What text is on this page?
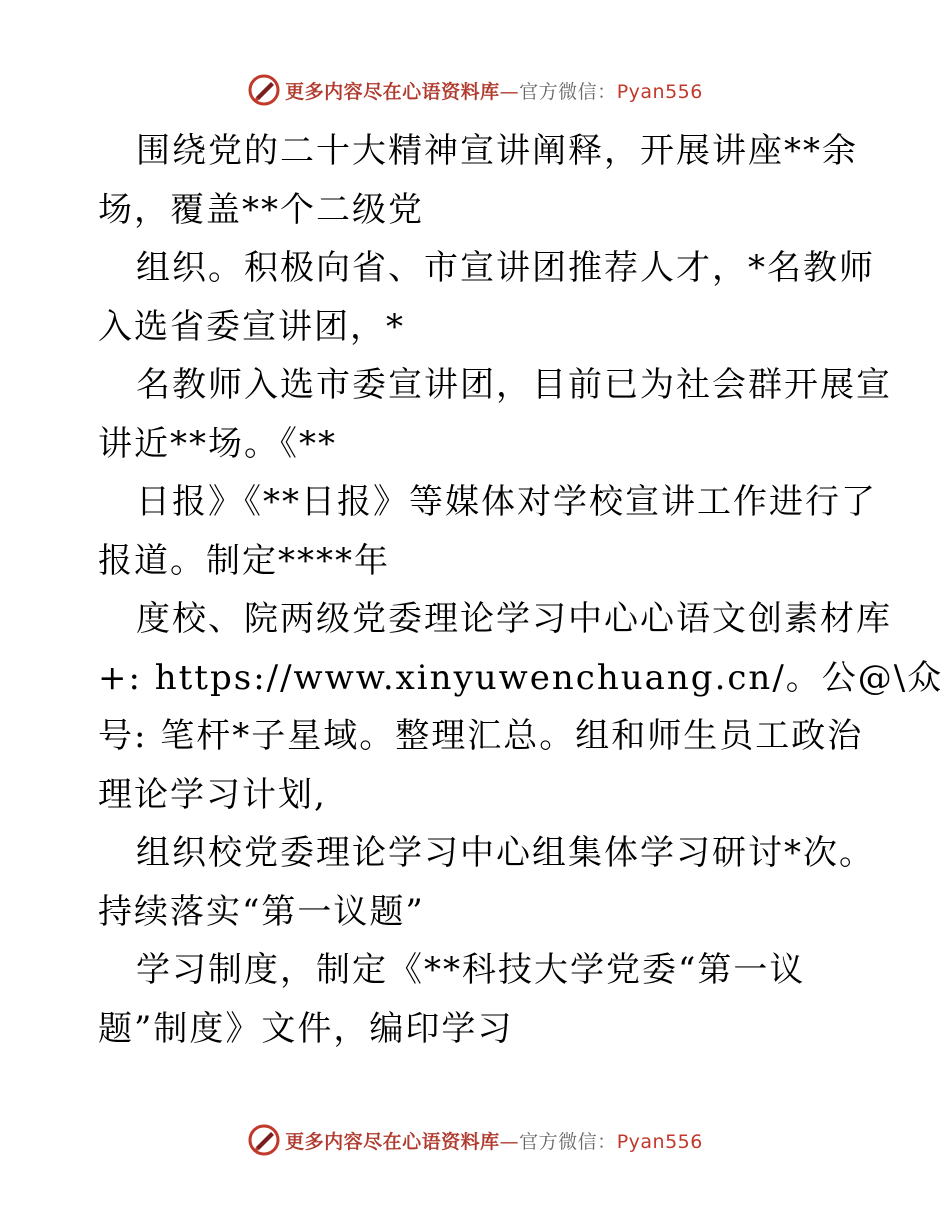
更多内容尽在心语资料库—官方微信：Pyan556
围绕党的二十大精神宣讲阐释，开展讲座**余
场，覆盖**个二级党
组织。积极向省、市宣讲团推荐人才，*名教师
入选省委宣讲团，*
名教师入选市委宣讲团，目前已为社会群开展宣
讲近**场。《**
日报》《**日报》等媒体对学校宣讲工作进行了
报道。制定****年
度校、院两级党委理论学习中心心语文创素材库
+: https://www.xinyuwenchuang.cn/。公@\众
号: 笔杆*子星域。整理汇总。组和师生员工政治
理论学习计划,
组织校党委理论学习中心组集体学习研讨*次。
持续落实“第一议题”
学习制度，制定《**科技大学党委“第一议
题”制度》文件，编印学习
更多内容尽在心语资料库—官方微信：Pyan556
